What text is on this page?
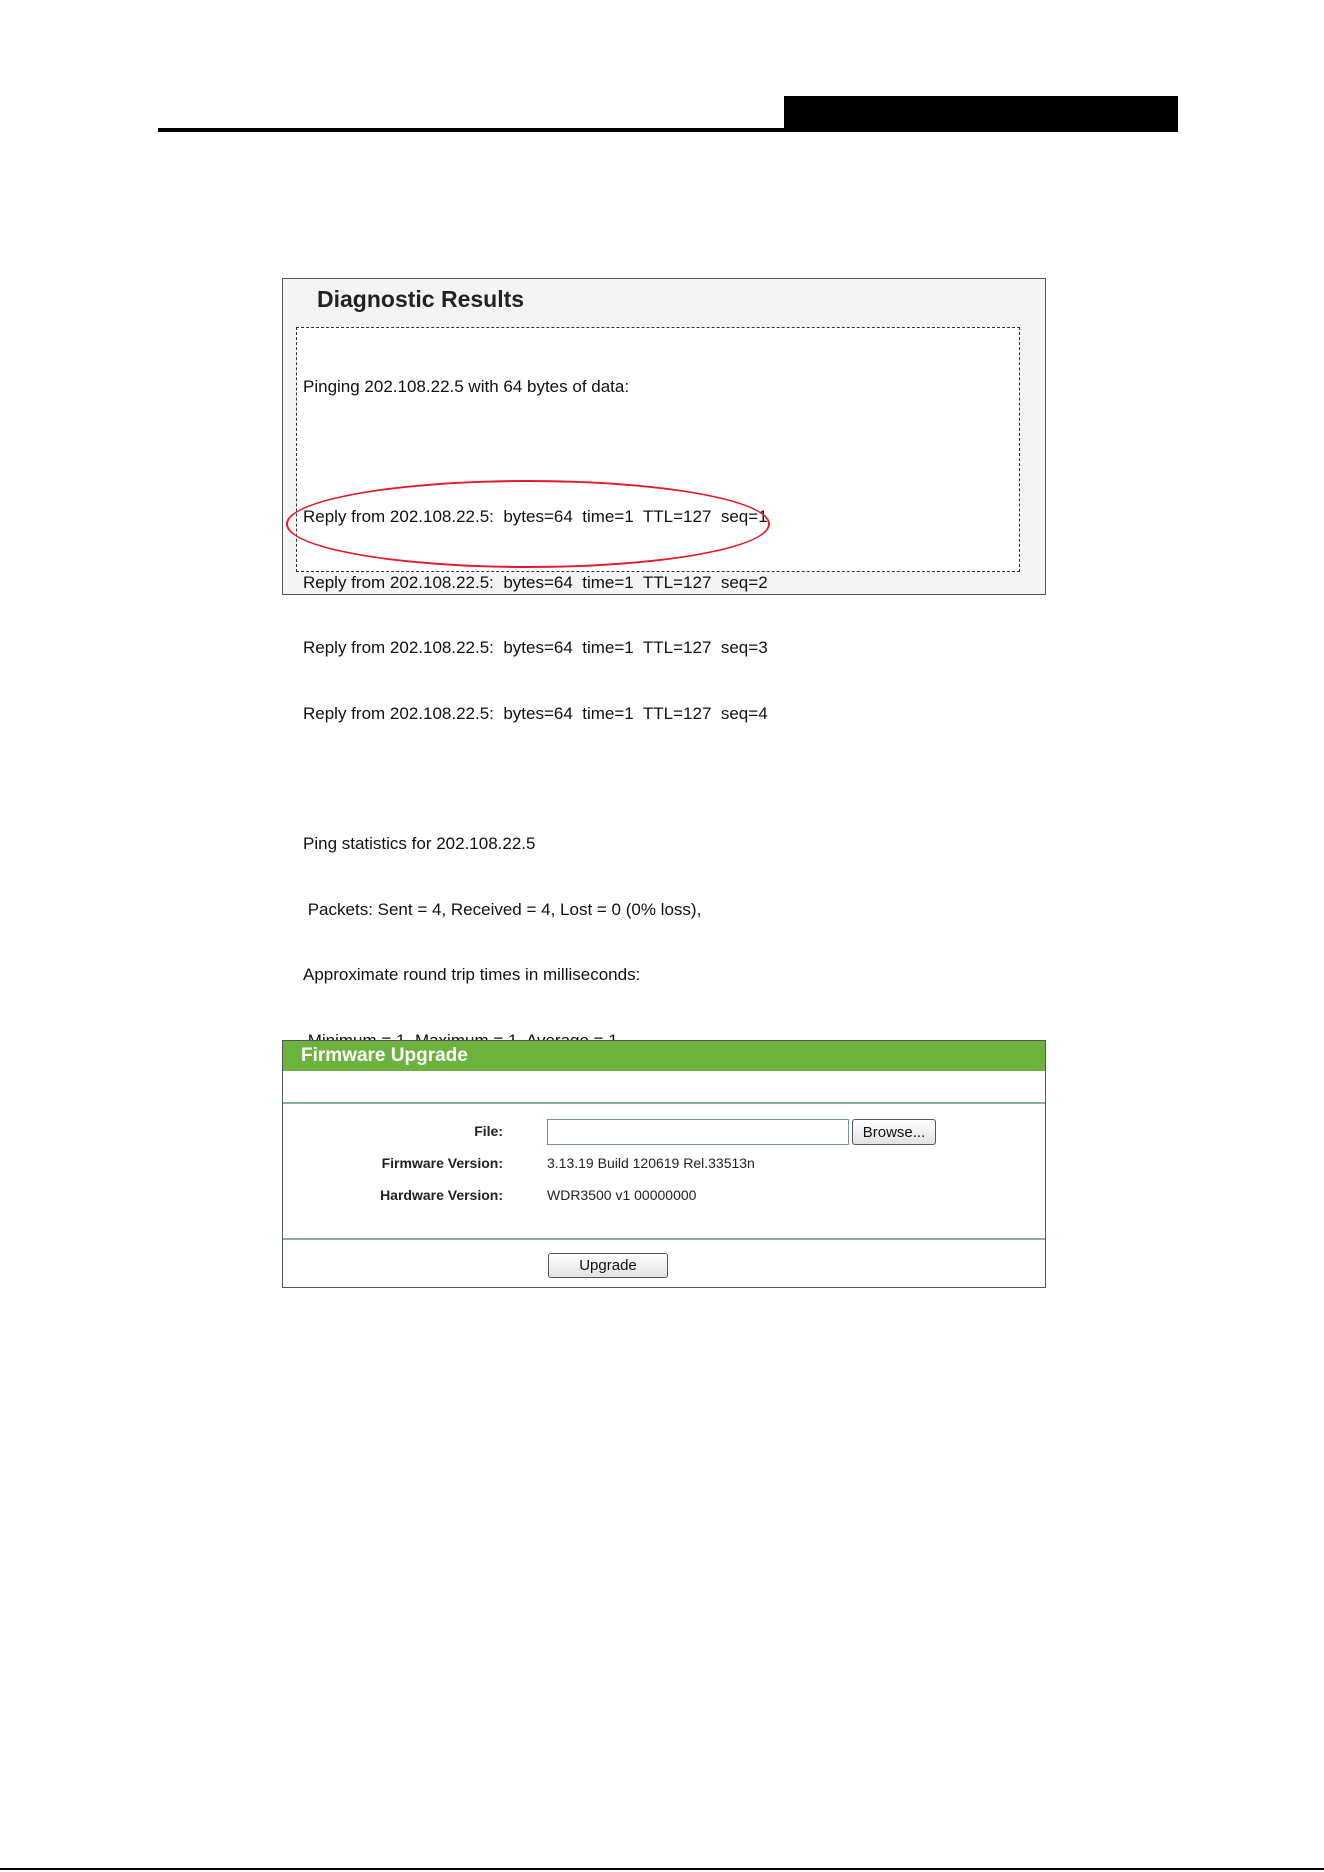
Diagnostic Results

Pinging 202.108.22.5 with 64 bytes of data:

Reply from 202.108.22.5:  bytes=64  time=1  TTL=127  seq=1

Reply from 202.108.22.5:  bytes=64  time=1  TTL=127  seq=2

Reply from 202.108.22.5:  bytes=64  time=1  TTL=127  seq=3

Reply from 202.108.22.5:  bytes=64  time=1  TTL=127  seq=4

Ping statistics for 202.108.22.5

Packets: Sent = 4, Received = 4, Lost = 0 (0% loss),

Approximate round trip times in milliseconds:

Firmware Upgrade
File:	Browse...
Firmware Version:	3.13.19 Build 120619 Rel.33513n
Hardware Version:	WDR3500 v1 00000000
Upgrade
